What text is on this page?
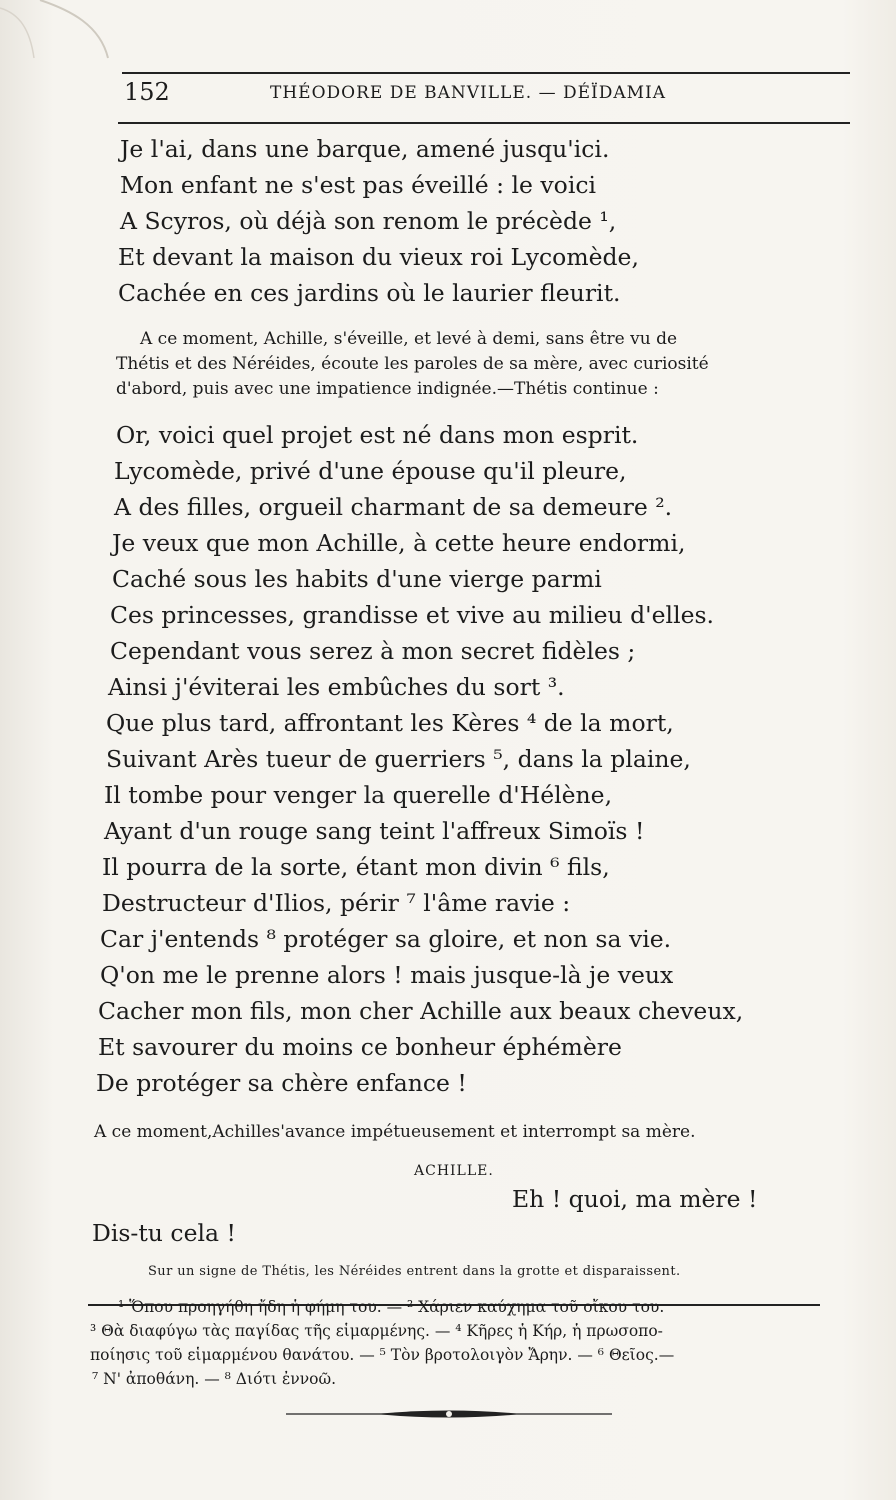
152	THÉODORE DE BANVILLE. — DÉÏDAMIA
Je l'ai, dans une barque, amené jusqu'ici.
Mon enfant ne s'est pas éveillé : le voici
A Scyros, où déjà son renom le précède ¹,
Et devant la maison du vieux roi Lycomède,
Cachée en ces jardins où le laurier fleurit.
A ce moment, Achille, s'éveille, et levé à demi, sans être vu de
Thétis et des Néréides, écoute les paroles de sa mère, avec curiosité
d'abord, puis avec une impatience indignée.—Thétis continue :
Or, voici quel projet est né dans mon esprit.
Lycomède, privé d'une épouse qu'il pleure,
A des filles, orgueil charmant de sa demeure ².
Je veux que mon Achille, à cette heure endormi,
Caché sous les habits d'une vierge parmi
Ces princesses, grandisse et vive au milieu d'elles.
Cependant vous serez à mon secret fidèles ;
Ainsi j'éviterai les embûches du sort ³.
Que plus tard, affrontant les Kères ⁴ de la mort,
Suivant Arès tueur de guerriers ⁵, dans la plaine,
Il tombe pour venger la querelle d'Hélène,
Ayant d'un rouge sang teint l'affreux Simoïs !
Il pourra de la sorte, étant mon divin ⁶ fils,
Destructeur d'Ilios, périr ⁷ l'âme ravie :
Car j'entends ⁸ protéger sa gloire, et non sa vie.
Q'on me le prenne alors ! mais jusque-là je veux
Cacher mon fils, mon cher Achille aux beaux cheveux,
Et savourer du moins ce bonheur éphémère
De protéger sa chère enfance !
A ce moment,Achilles'avance impétueusement et interrompt sa mère.
ACHILLE.
Eh ! quoi, ma mère !
Dis-tu cela !
Sur un signe de Thétis, les Néréides entrent dans la grotte et disparaissent.
¹ Ὅπου προηγήθη ἤδη ἡ φήμη του. — ² Χάριεν καύχημα τοῦ οἴκου του.
³ Θὰ διαφύγω τὰς παγίδας τῆς εἱμαρμένης. — ⁴ Κῆρες ἡ Κήρ, ἡ πρωσοπο-
ποίησις τοῦ εἱμαρμένου θανάτου. — ⁵ Τὸν βροτολοιγὸν Ἄρην. — ⁶ Θεῖος.—
⁷ Ν' ἀποθάνη. — ⁸ Διότι ἐννοῶ.
